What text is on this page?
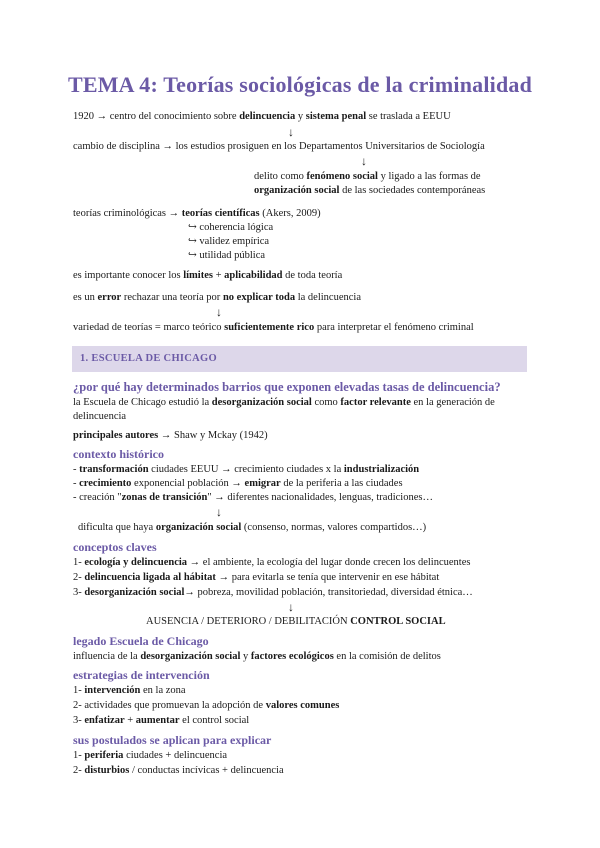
TEMA 4: Teorías sociológicas de la criminalidad
1920 → centro del conocimiento sobre delincuencia y sistema penal se traslada a EEUU
↓
cambio de disciplina → los estudios prosiguen en los Departamentos Universitarios de Sociología
↓
delito como fenómeno social y ligado a las formas de
organización social de las sociedades contemporáneas
teorías criminológicas → teorías científicas (Akers, 2009)
↪ coherencia lógica
↪ validez empírica
↪ utilidad pública
es importante conocer los límites + aplicabilidad de toda teoría
es un error rechazar una teoría por no explicar toda la delincuencia
↓
variedad de teorías = marco teórico suficientemente rico para interpretar el fenómeno criminal
1. ESCUELA DE CHICAGO
¿por qué hay determinados barrios que exponen elevadas tasas de delincuencia?
la Escuela de Chicago estudió la desorganización social como factor relevante en la generación de
delincuencia
principales autores → Shaw y Mckay (1942)
contexto histórico
- transformación ciudades EEUU → crecimiento ciudades x la industrialización
- crecimiento exponencial población → emigrar de la periferia a las ciudades
- creación "zonas de transición" → diferentes nacionalidades, lenguas, tradiciones…
↓
dificulta que haya organización social (consenso, normas, valores compartidos…)
conceptos claves
1- ecología y delincuencia → el ambiente, la ecología del lugar donde crecen los delincuentes
2- delincuencia ligada al hábitat → para evitarla se tenía que intervenir en ese hábitat
3- desorganización social→ pobreza, movilidad población, transitoriedad, diversidad étnica…
↓
AUSENCIA / DETERIORO / DEBILITACIÓN CONTROL SOCIAL
legado Escuela de Chicago
influencia de la desorganización social y factores ecológicos en la comisión de delitos
estrategias de intervención
1- intervención en la zona
2- actividades que promuevan la adopción de valores comunes
3- enfatizar + aumentar el control social
sus postulados se aplican para explicar
1- periferia ciudades + delincuencia
2- disturbios / conductas incívicas + delincuencia
